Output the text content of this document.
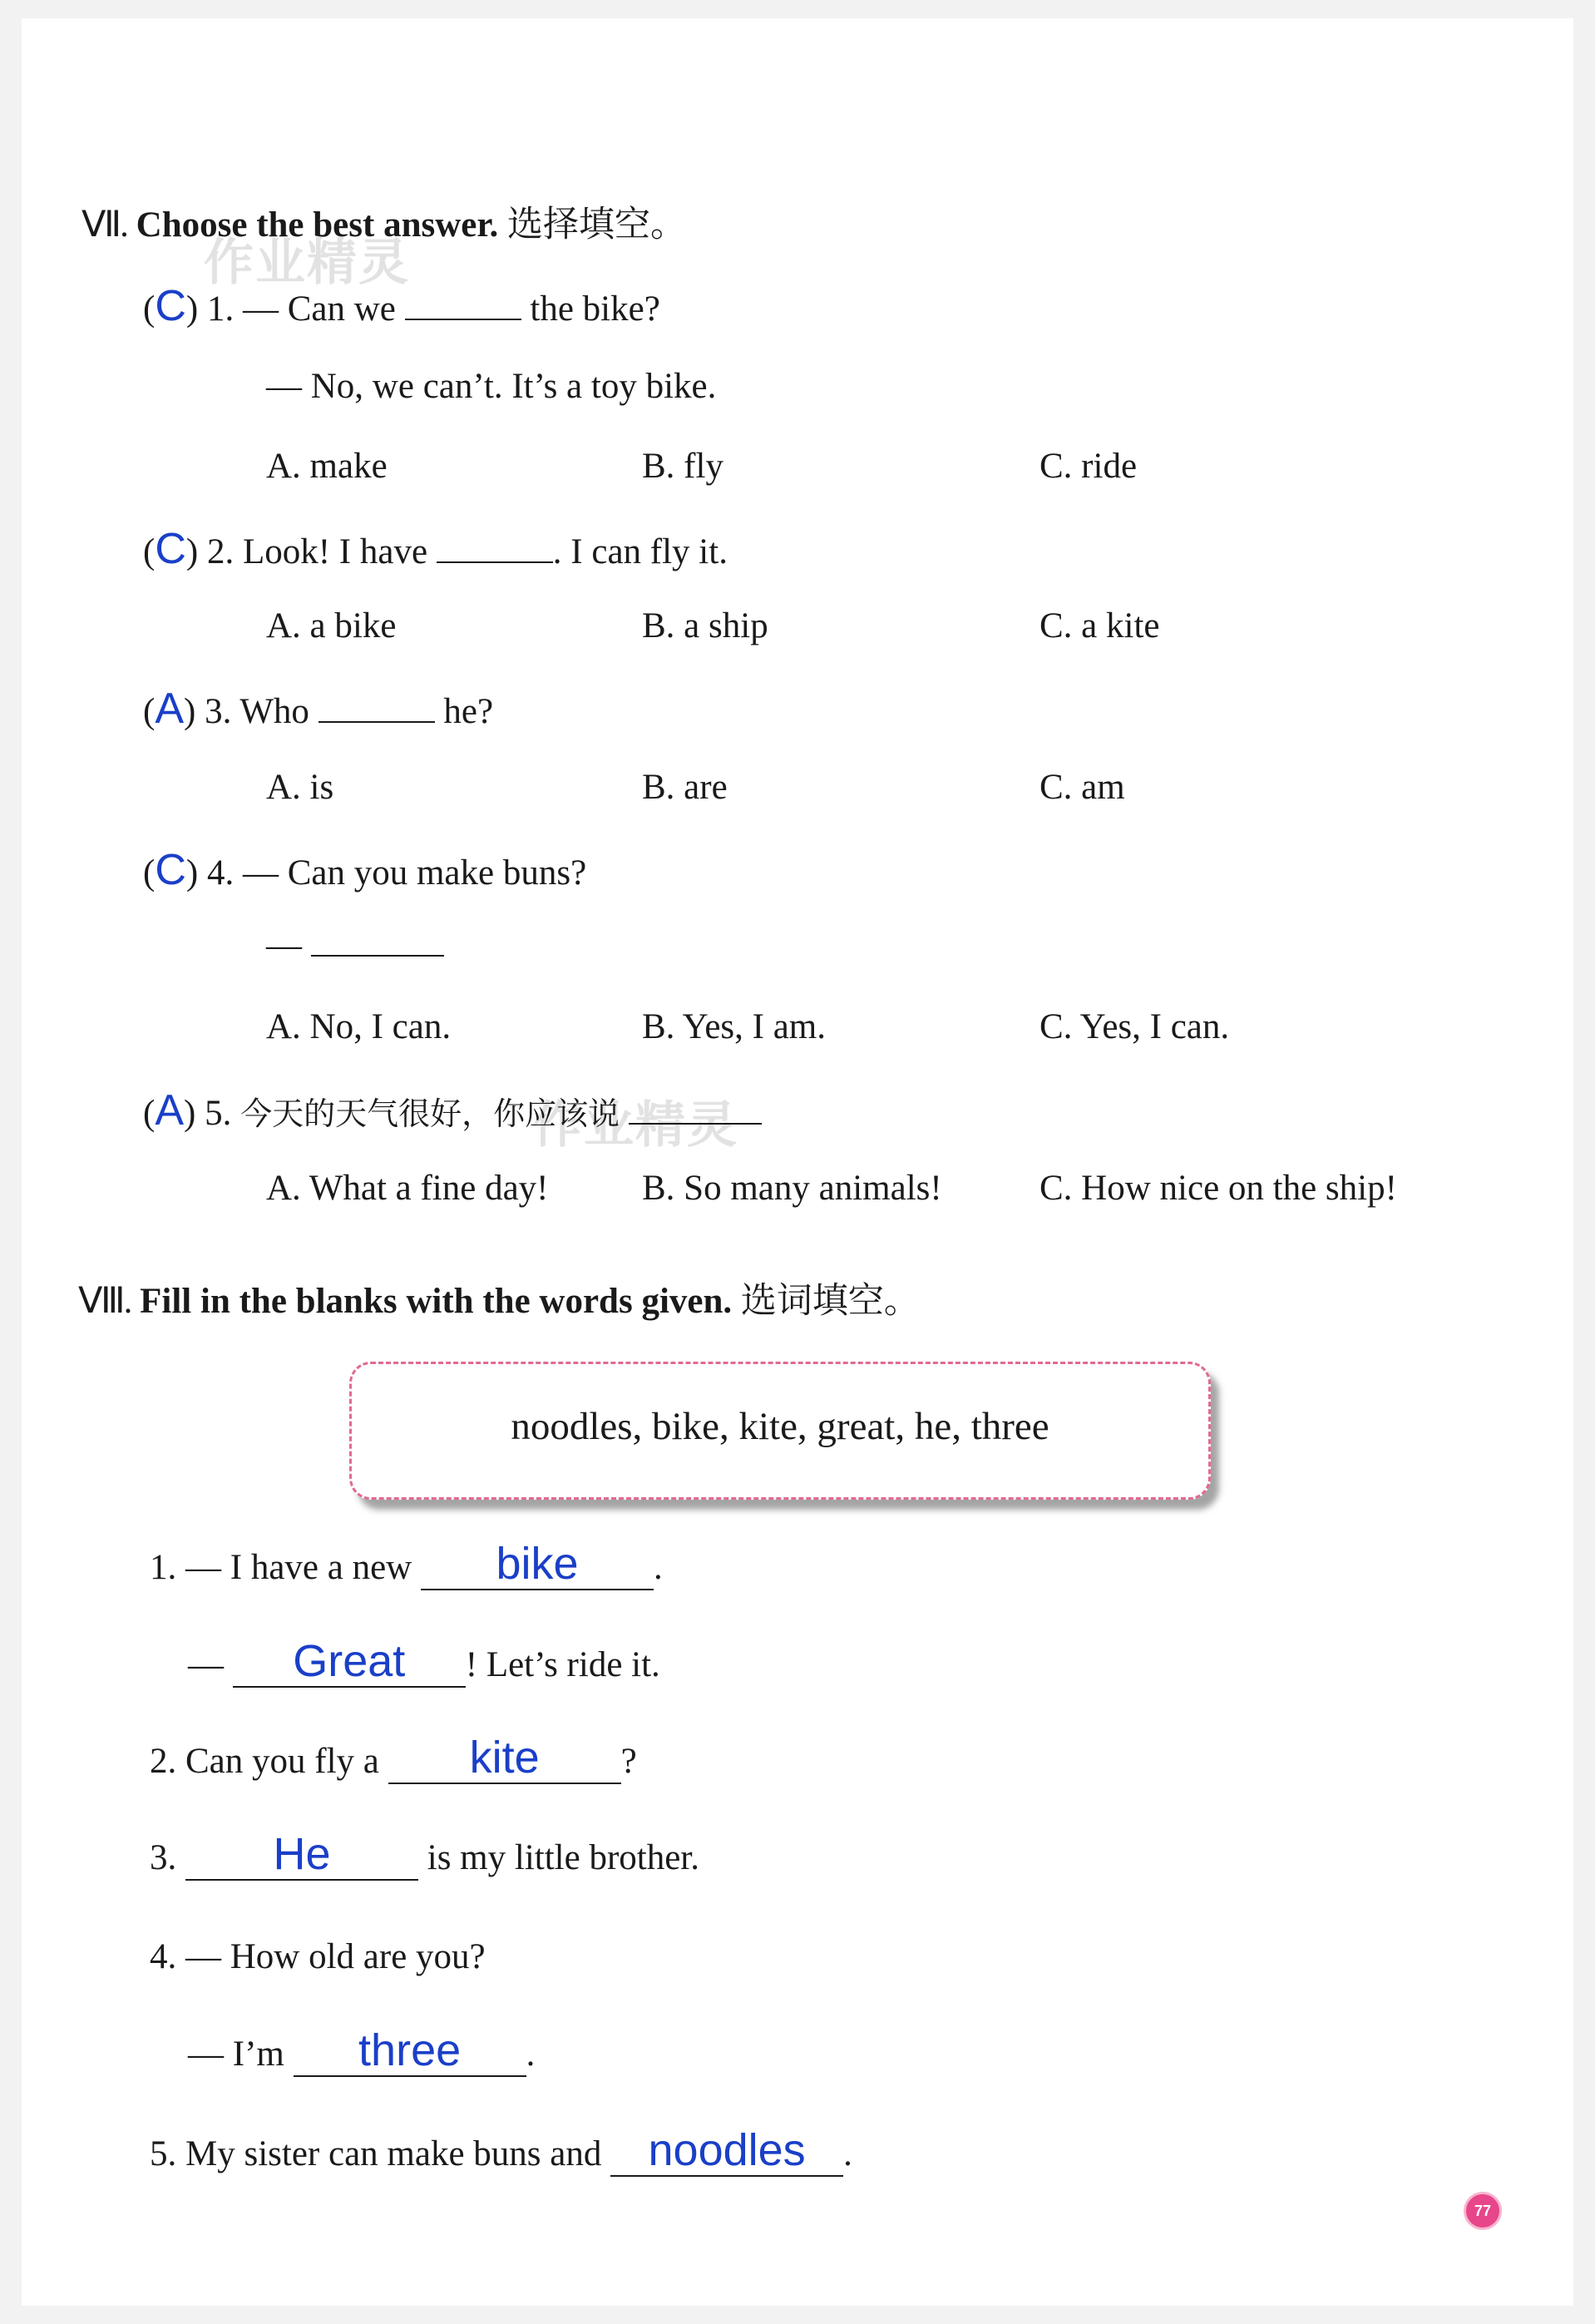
作业精灵
作业精灵
Ⅶ. Choose the best answer. 选择填空。
(C) 1. — Can we	the bike?
— No, we can’t. It’s a toy bike.
A. make	B. fly	C. ride
(C) 2. Look! I have	. I can fly it.
A. a bike	B. a ship	C. a kite
(A) 3. Who	he?
A. is	B. are	C. am
(C) 4. — Can you make buns?
—
A. No, I can.	B. Yes, I am.	C. Yes, I can.
(A) 5. 今天的天气很好，你应该说
A. What a fine day!	B. So many animals!	C. How nice on the ship!
Ⅷ. Fill in the blanks with the words given. 选词填空。
noodles, bike, kite, great, he, three
1. — I have a new bike .
— Great ! Let’s ride it.
2. Can you fly a kite ?
3. He	is my little brother.
4. — How old are you?
— I’m three .
5. My sister can make buns and noodles .
77
